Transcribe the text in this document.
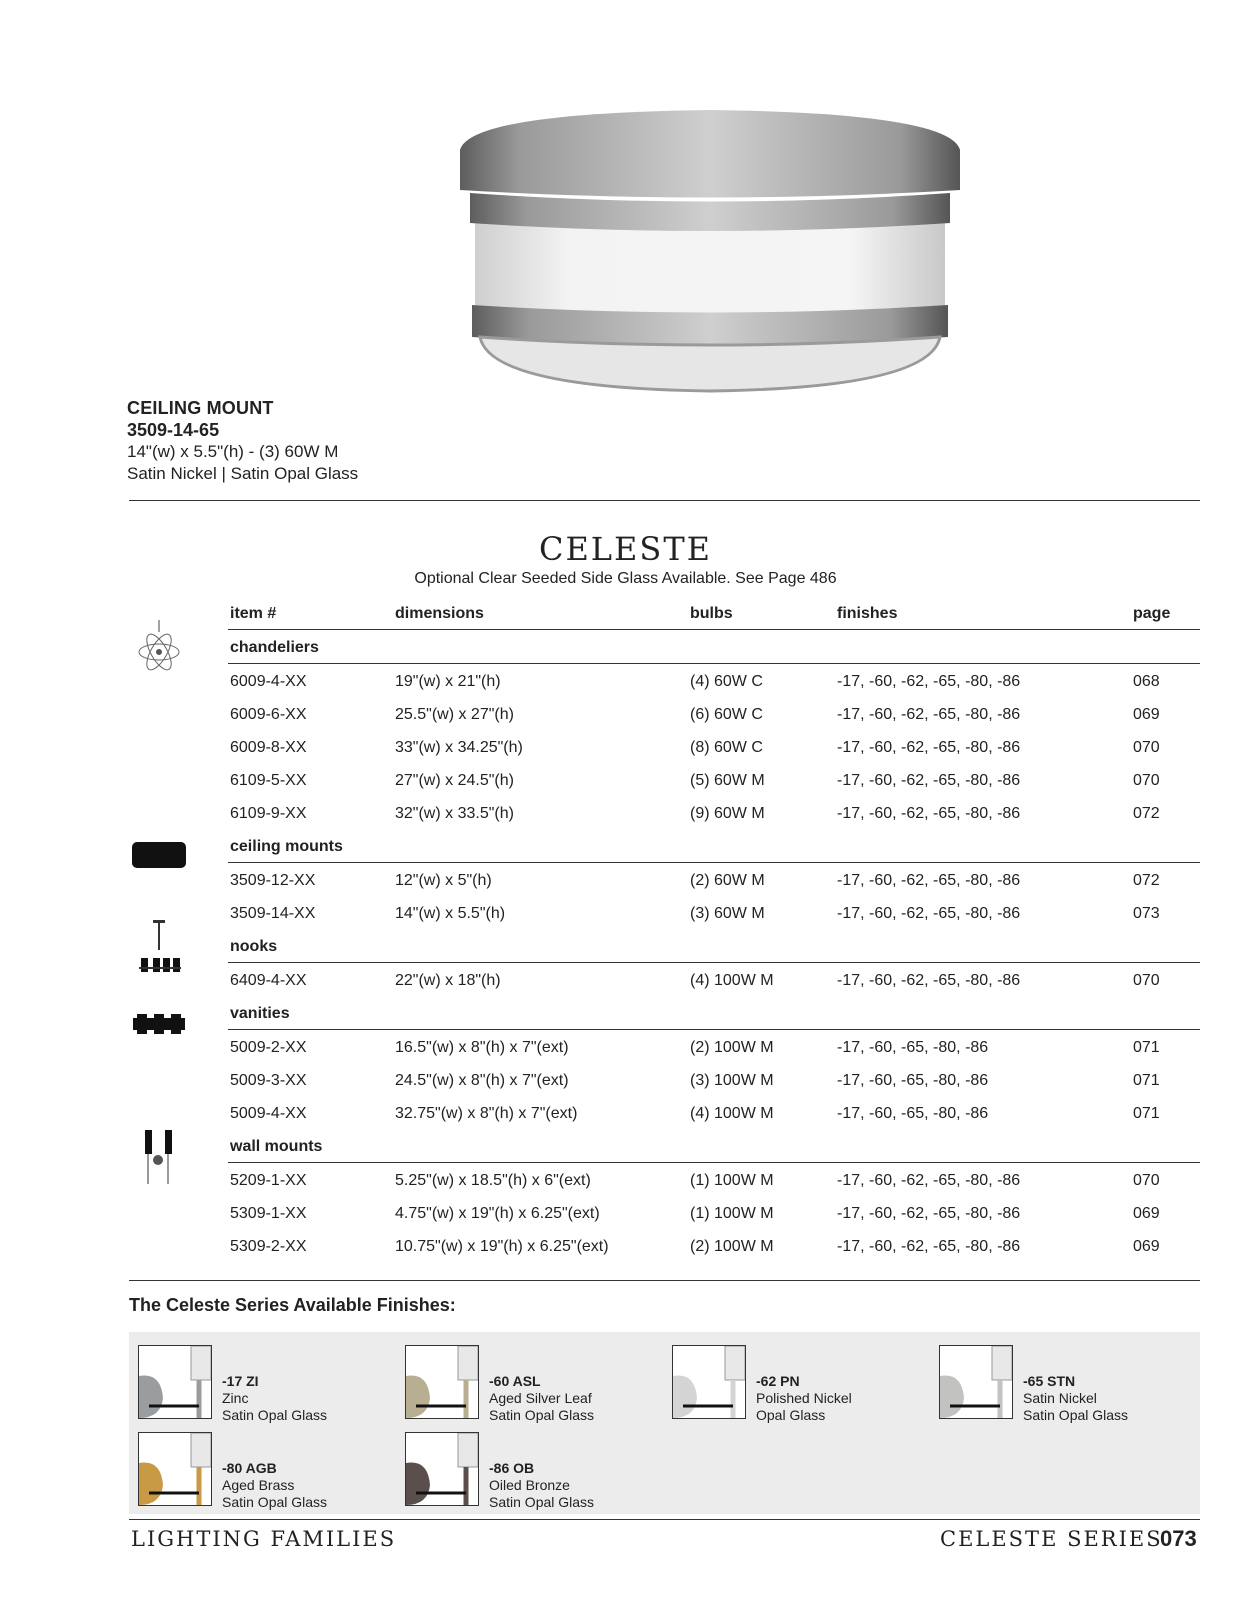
CEILING MOUNT
3509-14-65
14"(w) x 5.5"(h) - (3) 60W M
Satin Nickel | Satin Opal Glass
CELESTE
Optional Clear Seeded Side Glass Available. See Page 486
item #	dimensions	bulbs	finishes	page
chandeliers
6009-4-XX	19"(w) x 21"(h)	(4) 60W C	-17, -60, -62, -65, -80, -86	068
6009-6-XX	25.5"(w) x 27"(h)	(6) 60W C	-17, -60, -62, -65, -80, -86	069
6009-8-XX	33"(w) x 34.25"(h)	(8) 60W C	-17, -60, -62, -65, -80, -86	070
6109-5-XX	27"(w) x 24.5"(h)	(5) 60W M	-17, -60, -62, -65, -80, -86	070
6109-9-XX	32"(w) x 33.5"(h)	(9) 60W M	-17, -60, -62, -65, -80, -86	072
ceiling mounts
3509-12-XX	12"(w) x 5"(h)	(2) 60W M	-17, -60, -62, -65, -80, -86	072
3509-14-XX	14"(w) x 5.5"(h)	(3) 60W M	-17, -60, -62, -65, -80, -86	073
nooks
6409-4-XX	22"(w) x 18"(h)	(4) 100W M	-17, -60, -62, -65, -80, -86	070
vanities
5009-2-XX	16.5"(w) x 8"(h) x 7"(ext)	(2) 100W M	-17, -60, -65, -80, -86	071
5009-3-XX	24.5"(w) x 8"(h) x 7"(ext)	(3) 100W M	-17, -60, -65, -80, -86	071
5009-4-XX	32.75"(w) x 8"(h) x 7"(ext)	(4) 100W M	-17, -60, -65, -80, -86	071
wall mounts
5209-1-XX	5.25"(w) x 18.5"(h) x 6"(ext)	(1) 100W M	-17, -60, -62, -65, -80, -86	070
5309-1-XX	4.75"(w) x 19"(h) x 6.25"(ext)	(1) 100W M	-17, -60, -62, -65, -80, -86	069
5309-2-XX	10.75"(w) x 19"(h) x 6.25"(ext)	(2) 100W M	-17, -60, -62, -65, -80, -86	069
The Celeste Series Available Finishes:
-17 ZI
Zinc
Satin Opal Glass
-60 ASL
Aged Silver Leaf
Satin Opal Glass
-62 PN
Polished Nickel
Opal Glass
-65 STN
Satin Nickel
Satin Opal Glass
-80 AGB
Aged Brass
Satin Opal Glass
-86 OB
Oiled Bronze
Satin Opal Glass
LIGHTING FAMILIES	CELESTE SERIES
073
